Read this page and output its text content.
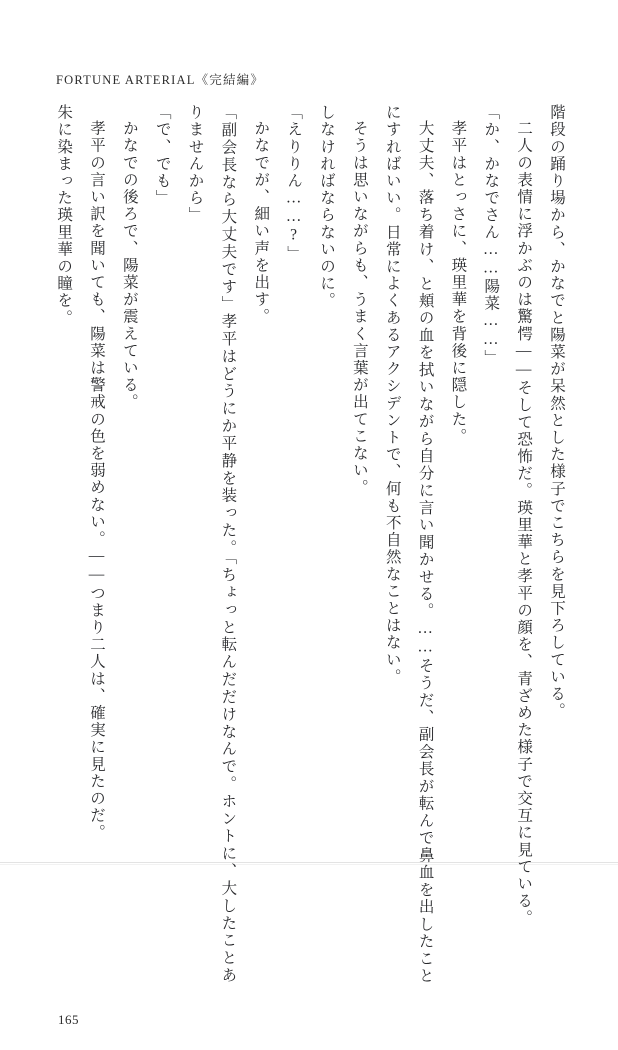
FORTUNE ARTERIAL《完結編》

階段の踊り場から、かなでと陽菜が呆然とした様子でこちらを見下ろしている。

二人の表情に浮かぶのは驚愕――そして恐怖だ。瑛里華と孝平の顔を、青ざめた様子で交互に見ている。

「か、かなでさん……陽菜……」

孝平はとっさに、瑛里華を背後に隠した。

大丈夫、落ち着け、と頬の血を拭いながら自分に言い聞かせる。……そうだ、副会長が転んで鼻血を出したことにすればいい。日常によくあるアクシデントで、何も不自然なことはない。

そうは思いながらも、うまく言葉が出てこない。

しなければならないのに。

「えりりん……?」

かなでが、細い声を出す。

「副会長なら大丈夫です」孝平はどうにか平静を装った。「ちょっと転んだだけなんで。ホントに、大したことありませんから」

「で、でも」

かなでの後ろで、陽菜が震えている。

孝平の言い訳を聞いても、陽菜は警戒の色を弱めない。――つまり二人は、確実に見たのだ。

朱に染まった瑛里華の瞳を。

165
